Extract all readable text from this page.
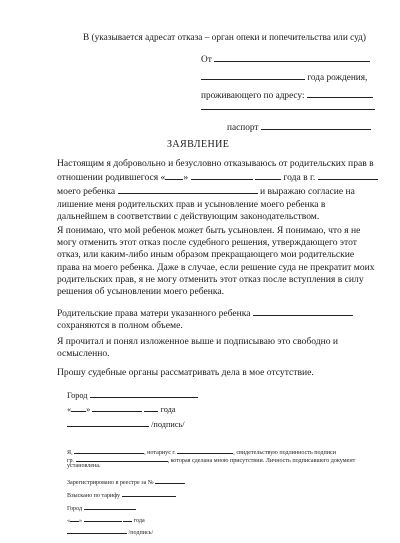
В (указывается адресат отказа – орган опеки и попечительства или суд)
От
года рождения,
проживающего по адресу:
паспорт
ЗАЯВЛЕНИЕ
Настоящим я добровольно и безусловно отказываюсь от родительских прав в
отношении родившегося « »	года в г.
моего ребенка	и выражаю согласие на
лишение меня родительских прав и усыновление моего ребенка в
дальнейшем в соответствии с действующим законодательством.
Я понимаю, что мой ребенок может быть усыновлен. Я понимаю, что я не
могу отменить этот отказ после судебного решения, утверждающего этот
отказ, или каким-либо иным образом прекращающего мои родительские
права на моего ребенка. Даже в случае, если решение суда не прекратит моих
родительских прав, я не могу отменить этот отказ после вступления в силу
решения об усыновлении моего ребенка.
Родительские права матери указанного ребенка
сохраняются в полном объеме.
Я прочитал и понял изложенное выше и подписываю это свободно и
осмысленно.
Прошу судебные органы рассматривать дела в мое отсутствие.
Город
« »	года
/подпись/
Я,	, нотариус г.	, свидетельствую подлинность подписи
гр.	, которая сделана мною присутствии. Личность подписавшего документ
установлена.
Зарегистрировано в реестре за №
Взыскано по тарифу
Город
« »	года
/подпись/
